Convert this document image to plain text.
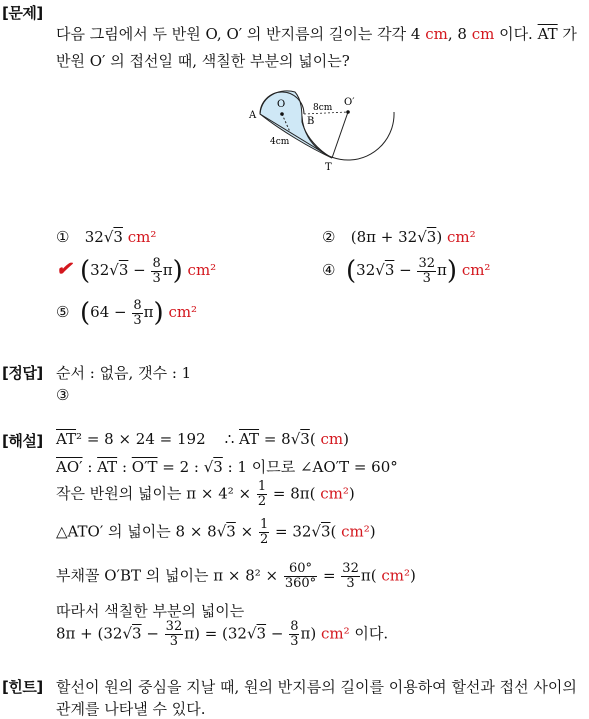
[문제]
다음 그림에서 두 반원 O, O′ 의 반지름의 길이는 각각 4 cm, 8 cm 이다. $\overline{AT}$ 가
반원 O′ 의 접선일 때, 색칠한 부분의 넓이는?
A
O	8cm O′
B
4cm
T
① 32√3 cm²	② (8π + 32√3) cm²
✔ $(32√3 - \frac{8}{3} \pi)$ cm²	④ $(32√3 - \frac{32}{3} \pi)$ cm²
⑤ $(64 - \frac{8}{3} \pi)$ cm²
[정답] 순서 : 없음, 갯수 : 1
③
[해설] $\overline{AT}^2 = 8 \times 24 = 192$    ∴ $\overline{AT} = 8√3$( cm)
AO′ : $\overline{AT}$ : O′T = 2 : √3 : 1 이므로 ∠AO′T = 60°
작은 반원의 넓이는 $\pi \times 4^2 \times \frac{1}{2} = 8\pi$( cm²)
△ATO′ 의 넓이는 $8 \times 8√3 \times \frac{1}{2} = 32√3$( cm²)
부채꼴 O′BT 의 넓이는 $\pi \times 8^2 \times \frac{60^\circ}{360^\circ} = \frac{32}{3} \pi$( cm²)
따라서 색칠한 부분의 넓이는
$8\pi + (32√3 - \frac{32}{3} \pi) = (32√3 - \frac{8}{3} \pi)$ cm² 이다.
[힌트] 할선이 원의 중심을 지날 때, 원의 반지름의 길이를 이용하여 할선과 접선 사이의
관계를 나타낼 수 있다.
